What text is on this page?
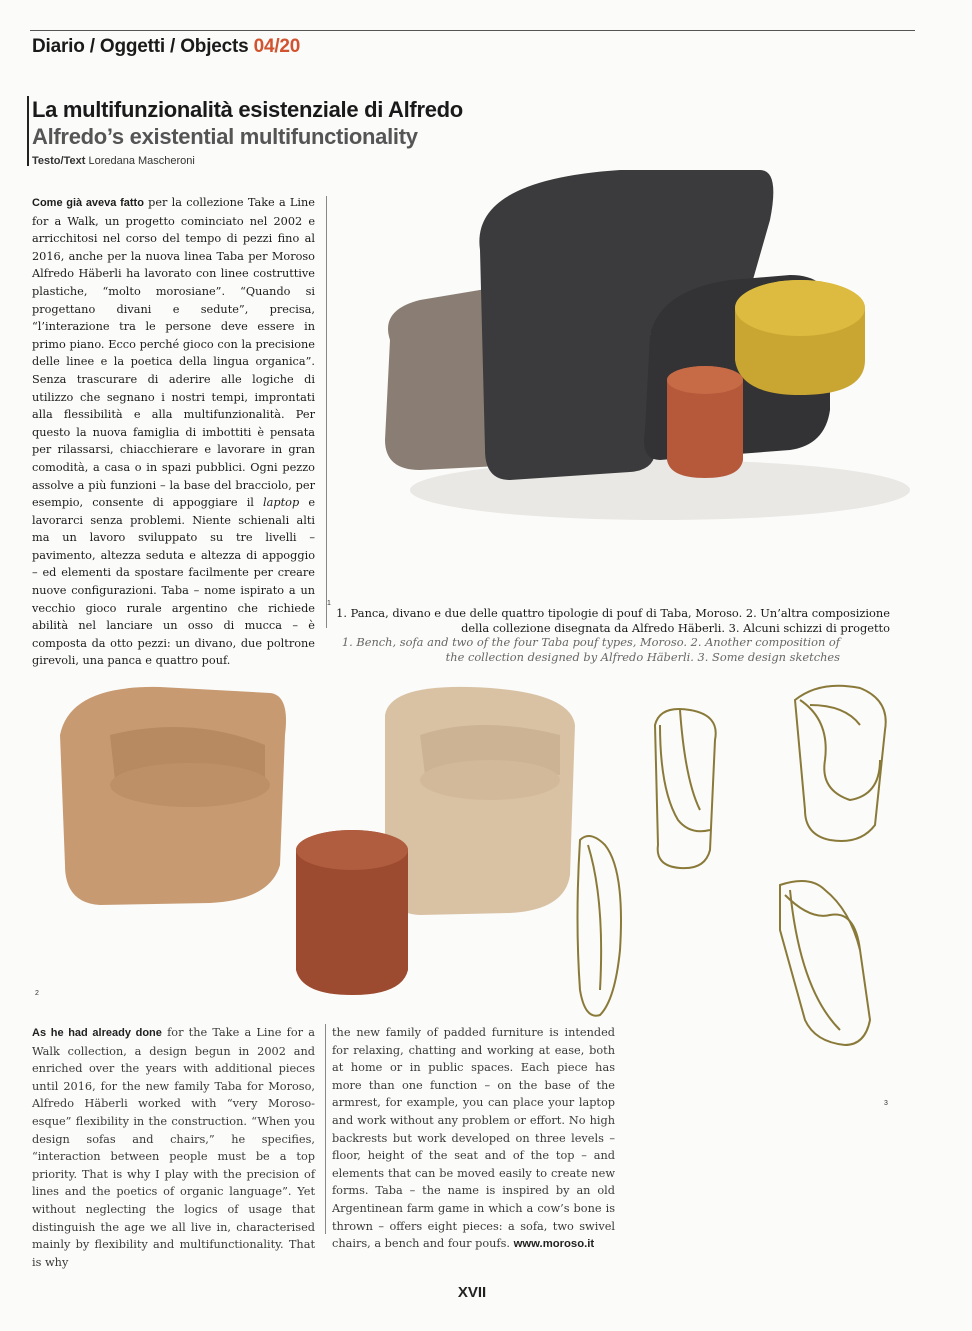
Diario / Oggetti / Objects 04/20
La multifunzionalità esistenziale di Alfredo
Alfredo’s existential multifunctionality
Testo/Text Loredana Mascheroni
Come già aveva fatto per la collezione Take a Line for a Walk, un progetto cominciato nel 2002 e arricchitosi nel corso del tempo di pezzi fino al 2016, anche per la nuova linea Taba per Moroso Alfredo Häberli ha lavorato con linee costruttive plastiche, “molto morosiane”. “Quando si progettano divani e sedute”, precisa, “l’interazione tra le persone deve essere in primo piano. Ecco perché gioco con la precisione delle linee e la poetica della lingua organica”. Senza trascurare di aderire alle logiche di utilizzo che segnano i nostri tempi, improntati alla flessibilità e alla multifunzionalità. Per questo la nuova famiglia di imbottiti è pensata per rilassarsi, chiacchierare e lavorare in gran comodità, a casa o in spazi pubblici. Ogni pezzo assolve a più funzioni – la base del bracciolo, per esempio, consente di appoggiare il laptop e lavorarci senza problemi. Niente schienali alti ma un lavoro sviluppato su tre livelli – pavimento, altezza seduta e altezza di appoggio – ed elementi da spostare facilmente per creare nuove configurazioni. Taba – nome ispirato a un vecchio gioco rurale argentino che richiede abilità nel lanciare un osso di mucca – è composta da otto pezzi: un divano, due poltrone girevoli, una panca e quattro pouf.
1

1. Panca, divano e due delle quattro tipologie di pouf di Taba, Moroso. 2. Un’altra composizione della collezione disegnata da Alfredo Häberli. 3. Alcuni schizzi di progetto

1. Bench, sofa and two of the four Taba pouf types, Moroso. 2. Another composition of the collection designed by Alfredo Häberli. 3. Some design sketches

2
3
As he had already done for the Take a Line for a Walk collection, a design begun in 2002 and enriched over the years with additional pieces until 2016, for the new family Taba for Moroso, Alfredo Häberli worked with “very Moroso-esque” flexibility in the construction. “When you design sofas and chairs,” he specifies, “interaction between people must be a top priority. That is why I play with the precision of lines and the poetics of organic language”. Yet without neglecting the logics of usage that distinguish the age we all live in, characterised mainly by flexibility and multifunctionality. That is why
the new family of padded furniture is intended for relaxing, chatting and working at ease, both at home or in public spaces. Each piece has more than one function – on the base of the armrest, for example, you can place your laptop and work without any problem or effort. No high backrests but work developed on three levels – floor, height of the seat and of the top – and elements that can be moved easily to create new forms. Taba – the name is inspired by an old Argentinean farm game in which a cow’s bone is thrown – offers eight pieces: a sofa, two swivel chairs, a bench and four poufs. www.moroso.it
XVII
